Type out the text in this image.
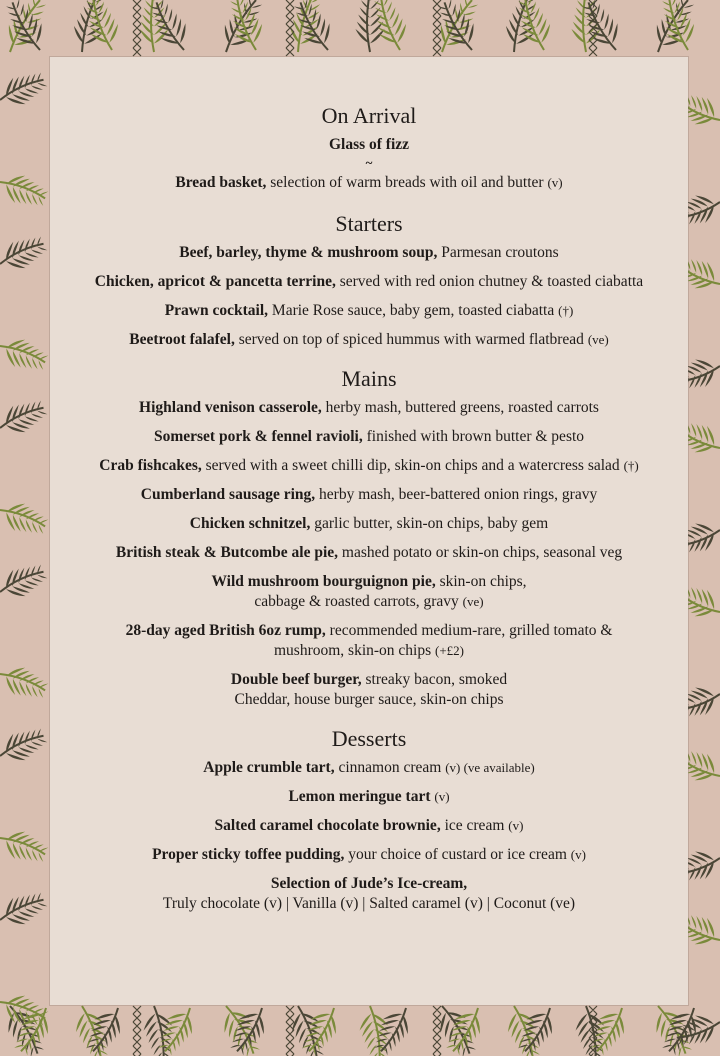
On Arrival
Glass of fizz
~
Bread basket, selection of warm breads with oil and butter (v)
Starters
Beef, barley, thyme & mushroom soup, Parmesan croutons
Chicken, apricot & pancetta terrine, served with red onion chutney & toasted ciabatta
Prawn cocktail, Marie Rose sauce, baby gem, toasted ciabatta (†)
Beetroot falafel, served on top of spiced hummus with warmed flatbread (ve)
Mains
Highland venison casserole, herby mash, buttered greens, roasted carrots
Somerset pork & fennel ravioli, finished with brown butter & pesto
Crab fishcakes, served with a sweet chilli dip, skin-on chips and a watercress salad (†)
Cumberland sausage ring, herby mash, beer-battered onion rings, gravy
Chicken schnitzel, garlic butter, skin-on chips, baby gem
British steak & Butcombe ale pie, mashed potato or skin-on chips, seasonal veg
Wild mushroom bourguignon pie, skin-on chips, cabbage & roasted carrots, gravy (ve)
28-day aged British 6oz rump, recommended medium-rare, grilled tomato & mushroom, skin-on chips (+£2)
Double beef burger, streaky bacon, smoked Cheddar, house burger sauce, skin-on chips
Desserts
Apple crumble tart, cinnamon cream (v) (ve available)
Lemon meringue tart (v)
Salted caramel chocolate brownie, ice cream (v)
Proper sticky toffee pudding, your choice of custard or ice cream (v)
Selection of Jude’s Ice-cream,
Truly chocolate (v) | Vanilla (v) | Salted caramel (v) | Coconut (ve)
